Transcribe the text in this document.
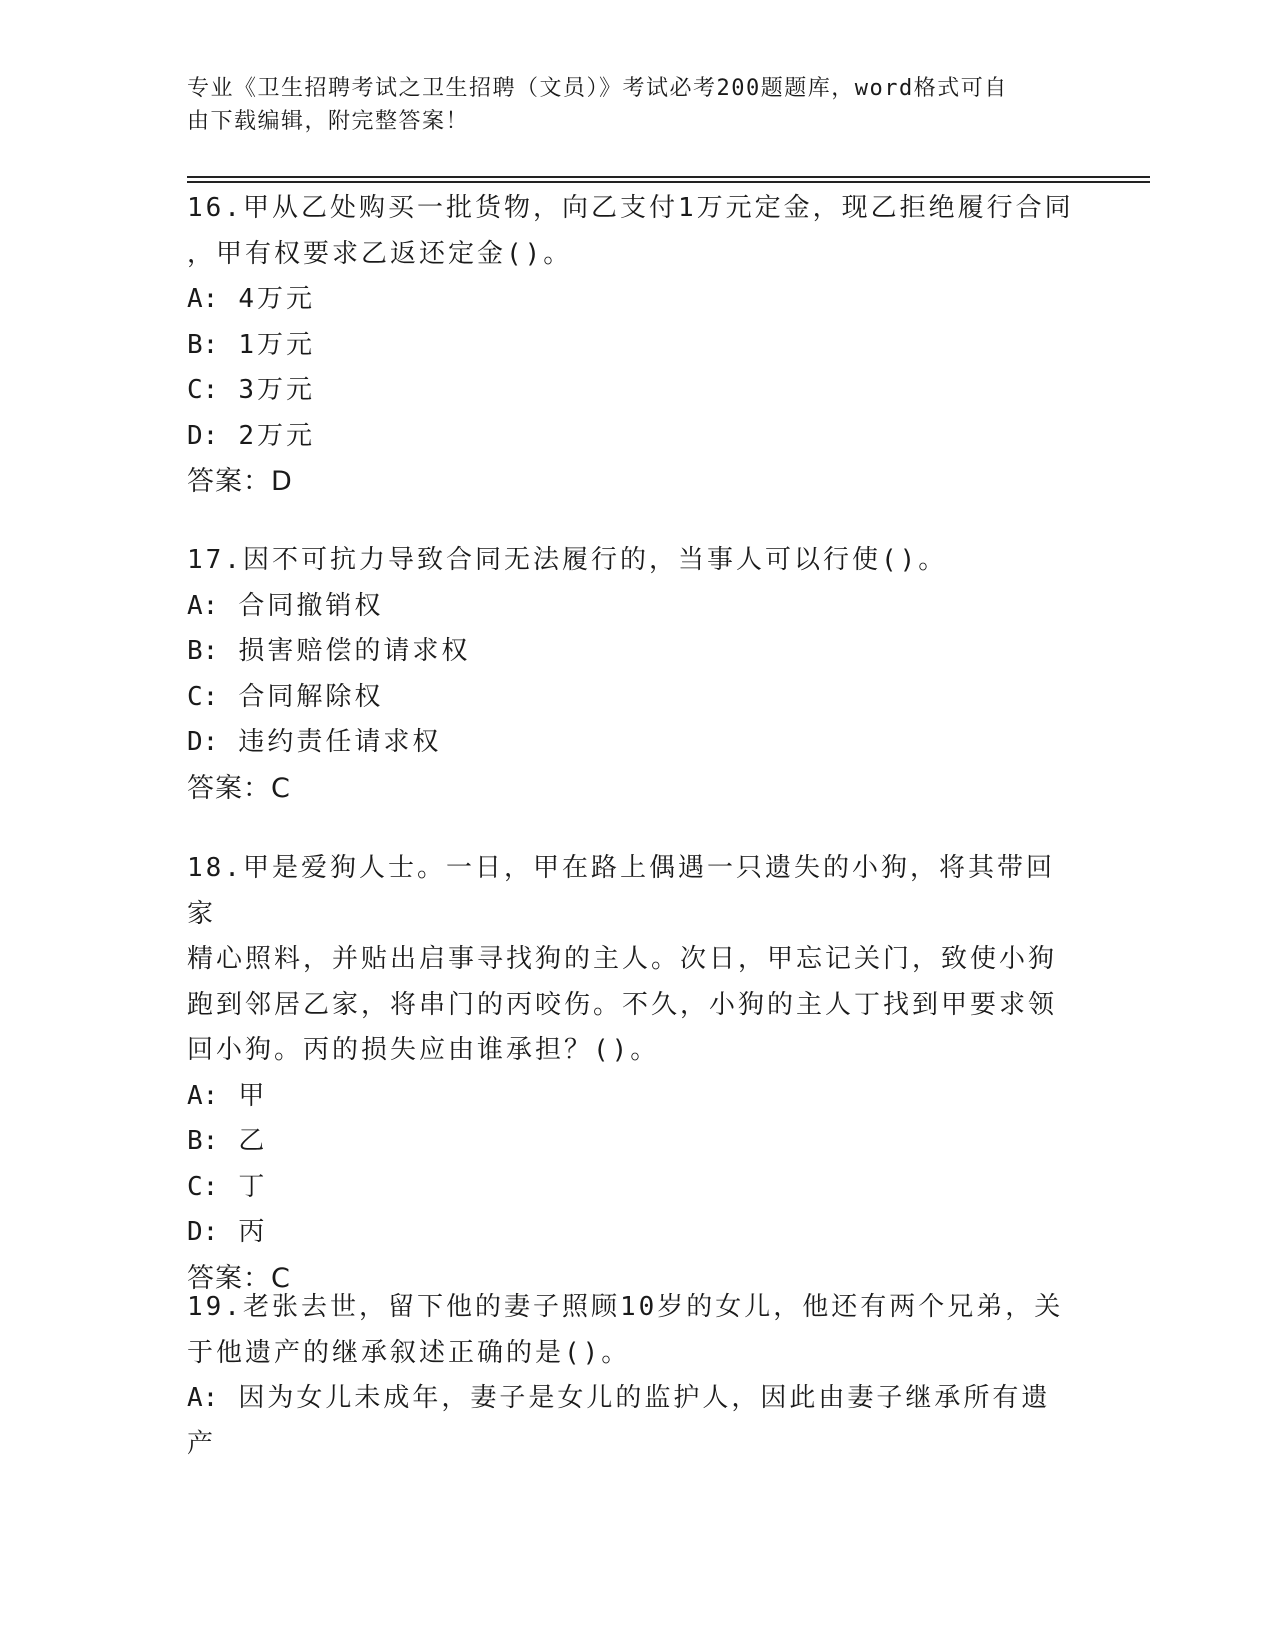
专业《卫生招聘考试之卫生招聘（文员）》考试必考200题题库，word格式可自
由下载编辑，附完整答案！

16.甲从乙处购买一批货物，向乙支付1万元定金，现乙拒绝履行合同

，甲有权要求乙返还定金()。

A: 4万元

B: 1万元

C: 3万元

D: 2万元

答案：D

17.因不可抗力导致合同无法履行的，当事人可以行使()。

A: 合同撤销权

B: 损害赔偿的请求权

C: 合同解除权

D: 违约责任请求权

答案：C

18.甲是爱狗人士。一日，甲在路上偶遇一只遗失的小狗，将其带回家

精心照料，并贴出启事寻找狗的主人。次日，甲忘记关门，致使小狗

跑到邻居乙家，将串门的丙咬伤。不久，小狗的主人丁找到甲要求领

回小狗。丙的损失应由谁承担？()。

A: 甲

B: 乙

C: 丁

D: 丙

答案：C

19.老张去世，留下他的妻子照顾10岁的女儿，他还有两个兄弟，关

于他遗产的继承叙述正确的是()。

A: 因为女儿未成年，妻子是女儿的监护人，因此由妻子继承所有遗产
